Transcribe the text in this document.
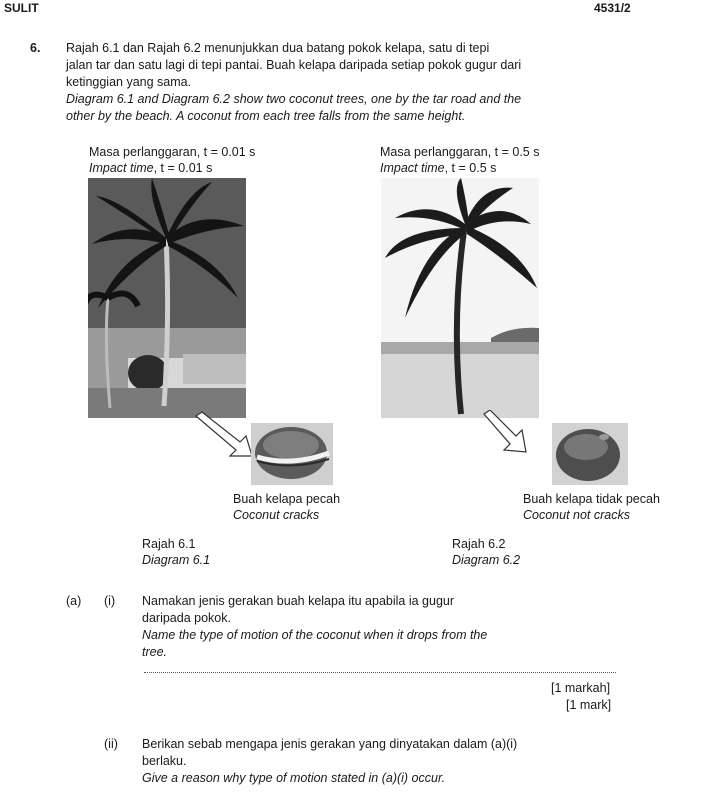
SULIT	4531/2
6. Rajah 6.1 dan Rajah 6.2 menunjukkan dua batang pokok kelapa, satu di tepi
jalan tar dan satu lagi di tepi pantai. Buah kelapa daripada setiap pokok gugur dari
ketinggian yang sama.
Diagram 6.1 and Diagram 6.2 show two coconut trees, one by the tar road and the
other by the beach. A coconut from each tree falls from the same height.
Masa perlanggaran, t = 0.01 s
Impact time, t = 0.01 s
Masa perlanggaran, t = 0.5 s
Impact time, t = 0.5 s
Buah kelapa pecah
Coconut cracks
Buah kelapa tidak pecah
Coconut not cracks
Rajah 6.1
Diagram 6.1
Rajah 6.2
Diagram 6.2
(a) (i) Namakan jenis gerakan buah kelapa itu apabila ia gugur
daripada pokok.
Name the type of motion of the coconut when it drops from the
tree.
[1 markah]
[1 mark]
(ii) Berikan sebab mengapa jenis gerakan yang dinyatakan dalam (a)(i)
berlaku.
Give a reason why type of motion stated in (a)(i) occur.
